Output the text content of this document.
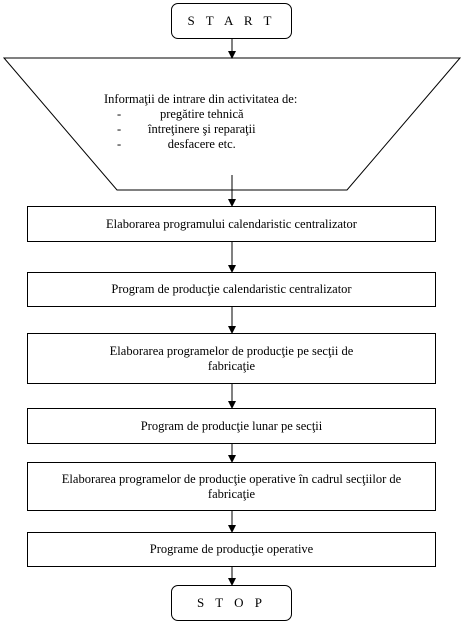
S T A R T
Informaţii de intrare din activitatea de:
- pregătire tehnică
- întreţinere şi reparaţii
- desfacere etc.
Elaborarea programului calendaristic centralizator
Program de producţie calendaristic centralizator
Elaborarea programelor de producţie pe secţii de fabricaţie
Program de producţie lunar pe secţii
Elaborarea programelor de producţie operative în cadrul secţiilor de fabricaţie
Programe de producţie operative
S T O P
